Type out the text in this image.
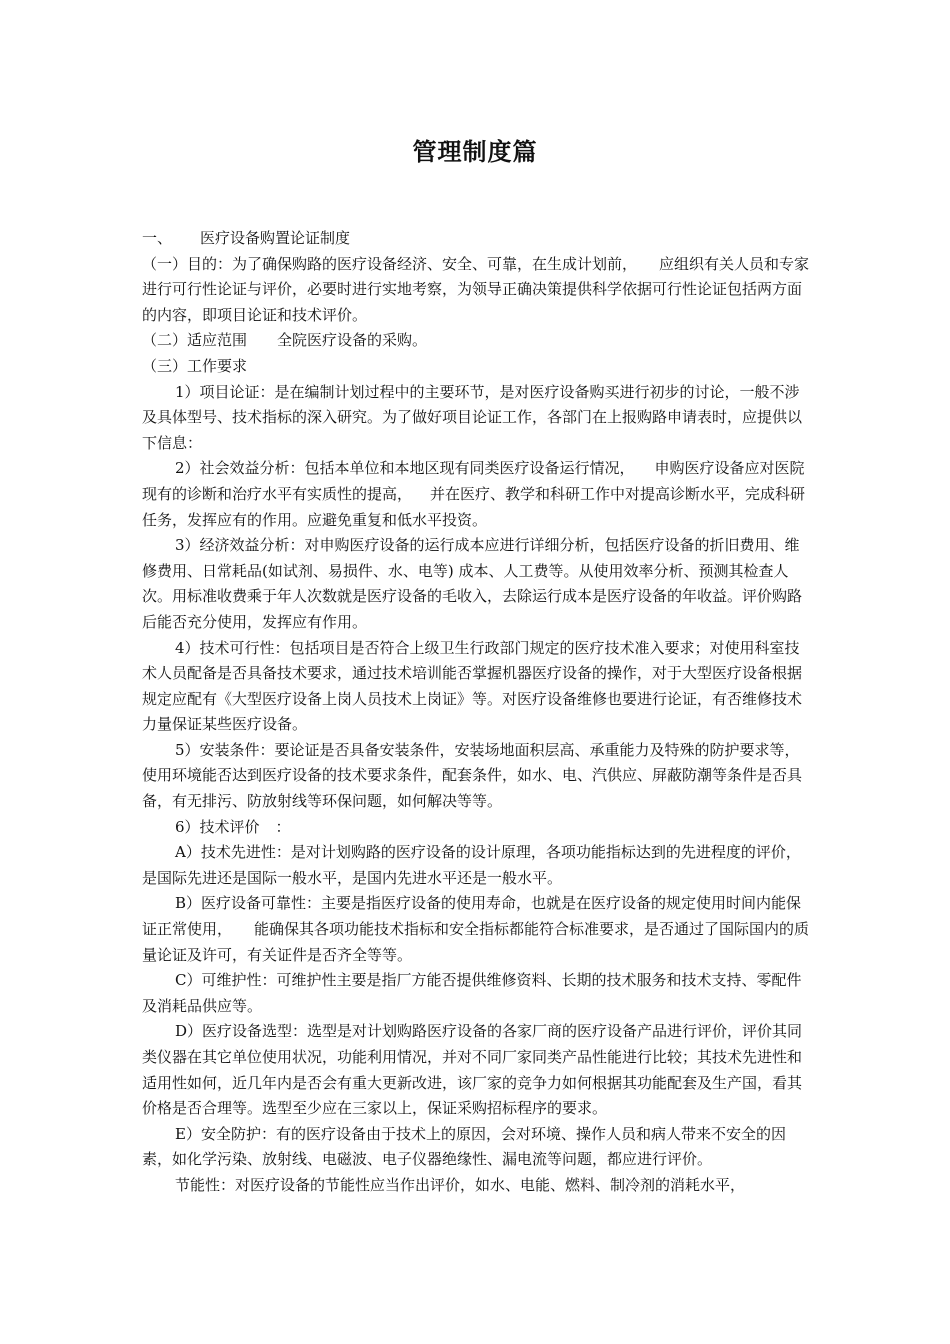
管理制度篇

一、 医疗设备购置论证制度

（一）目的：为了确保购路的医疗设备经济、安全、可靠，在生成计划前， 应组织有关人员和专家进行可行性论证与评价，必要时进行实地考察，为领导正确决策提供科学依据可行性论证包括两方面的内容，即项目论证和技术评价。

（二）适应范围 全院医疗设备的采购。

（三）工作要求

1）项目论证：是在编制计划过程中的主要环节，是对医疗设备购买进行初步的讨论，一般不涉及具体型号、技术指标的深入研究。为了做好项目论证工作，各部门在上报购路申请表时，应提供以下信息：

2）社会效益分析：包括本单位和本地区现有同类医疗设备运行情况， 申购医疗设备应对医院现有的诊断和治疗水平有实质性的提高， 并在医疗、教学和科研工作中对提高诊断水平，完成科研任务，发挥应有的作用。应避免重复和低水平投资。

3）经济效益分析：对申购医疗设备的运行成本应进行详细分析，包括医疗设备的折旧费用、维修费用、日常耗品(如试剂、易损件、水、电等) 成本、人工费等。从使用效率分析、预测其检查人次。用标准收费乘于年人次数就是医疗设备的毛收入，去除运行成本是医疗设备的年收益。评价购路后能否充分使用，发挥应有作用。

4）技术可行性：包括项目是否符合上级卫生行政部门规定的医疗技术准入要求；对使用科室技术人员配备是否具备技术要求，通过技术培训能否掌握机器医疗设备的操作，对于大型医疗设备根据规定应配有《大型医疗设备上岗人员技术上岗证》等。对医疗设备维修也要进行论证，有否维修技术力量保证某些医疗设备。

5）安装条件：要论证是否具备安装条件，安装场地面积层高、承重能力及特殊的防护要求等，使用环境能否达到医疗设备的技术要求条件，配套条件，如水、电、汽供应、屏蔽防潮等条件是否具备，有无排污、防放射线等环保问题，如何解决等等。

6）技术评价 ：

A）技术先进性：是对计划购路的医疗设备的设计原理，各项功能指标达到的先进程度的评价，是国际先进还是国际一般水平，是国内先进水平还是一般水平。

B）医疗设备可靠性：主要是指医疗设备的使用寿命，也就是在医疗设备的规定使用时间内能保证正常使用， 能确保其各项功能技术指标和安全指标都能符合标准要求，是否通过了国际国内的质量论证及许可，有关证件是否齐全等等。

C）可维护性：可维护性主要是指厂方能否提供维修资料、长期的技术服务和技术支持、零配件及消耗品供应等。

D）医疗设备选型：选型是对计划购路医疗设备的各家厂商的医疗设备产品进行评价，评价其同类仪器在其它单位使用状况，功能利用情况，并对不同厂家同类产品性能进行比较；其技术先进性和适用性如何，近几年内是否会有重大更新改进，该厂家的竞争力如何根据其功能配套及生产国，看其价格是否合理等。选型至少应在三家以上，保证采购招标程序的要求。

E）安全防护：有的医疗设备由于技术上的原因，会对环境、操作人员和病人带来不安全的因素，如化学污染、放射线、电磁波、电子仪器绝缘性、漏电流等问题，都应进行评价。

节能性：对医疗设备的节能性应当作出评价，如水、电能、燃料、制冷剂的消耗水平，
